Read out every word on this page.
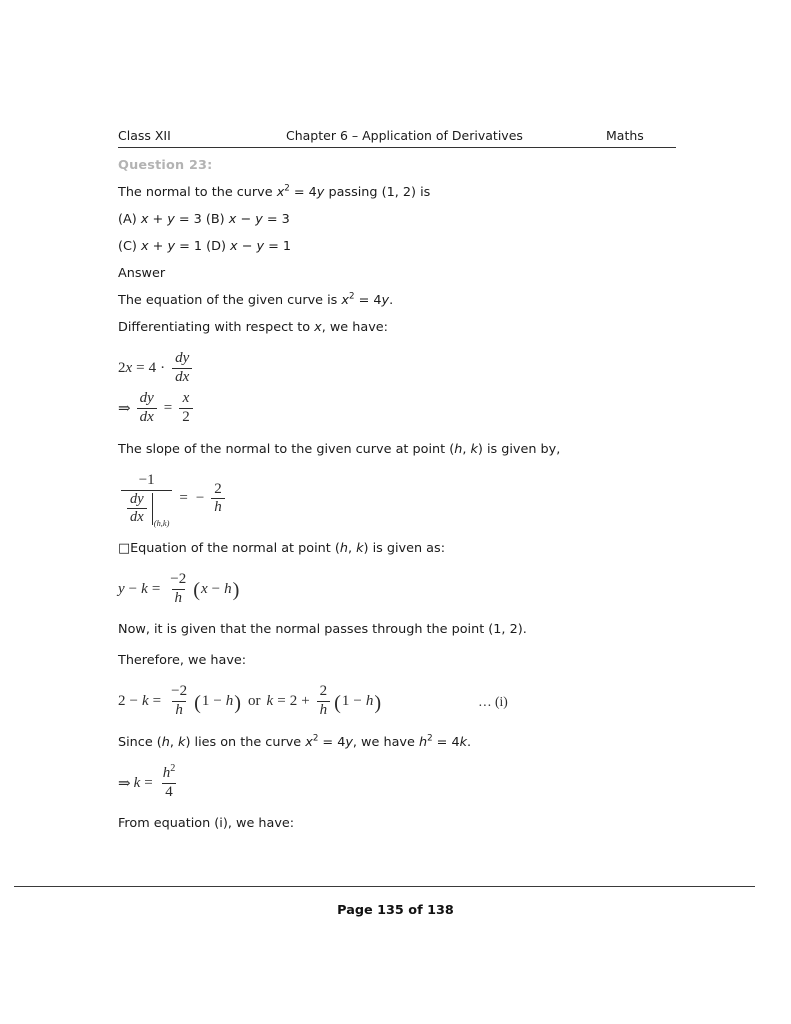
Class XII	Chapter 6 – Application of Derivatives	Maths
Question 23:

The normal to the curve $x^2 = 4y$ passing (1, 2) is

(A) x + y = 3 (B) x − y = 3

(C) x + y = 1 (D) x − y = 1

Answer

The equation of the given curve is $x^2 = 4y$.

Differentiating with respect to x, we have:

2 $x = 4 \cdot \frac{dy}{dx}$
⇒ $\frac{dy}{dx} = \frac{x}{2}$

The slope of the normal to the given curve at point (h, k) is given by,

−1
$\frac{dy}{dx} (h,k)$
= − $\frac{2}{h}$

□Equation of the normal at point (h, k) is given as:

$y - k = \frac{-2}{h}$ ( x − h )

Now, it is given that the normal passes through the point (1, 2).

Therefore, we have:

$2 - k = \frac{-2}{h}$ ( 1 − h ) or $k = 2 + \frac{2}{h}$ ( 1 − h )	… (i)

Since (h, k) lies on the curve $x^2 = 4y$, we have $h^2 = 4k$.

⇒ $k = \frac{h^2}{4}$

From equation (i), we have:

Page 135 of 138
